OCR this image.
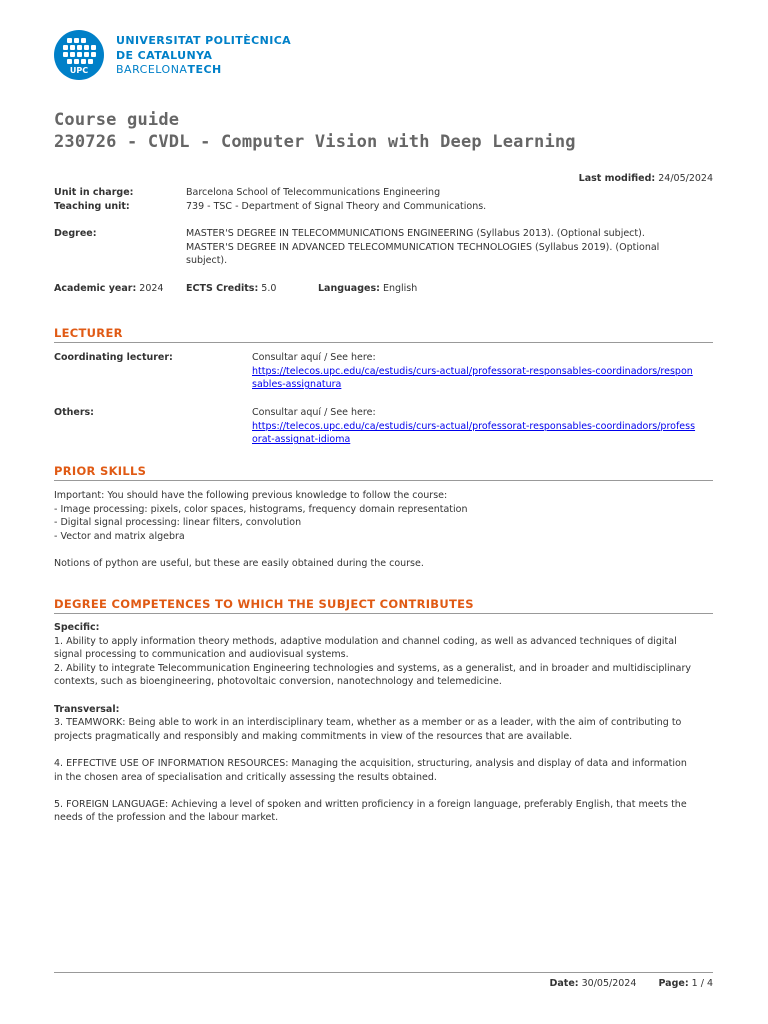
UPC
UNIVERSITAT POLITÈCNICA
DE CATALUNYA
BARCELONATECH
Course guide
230726 - CVDL - Computer Vision with Deep Learning
Last modified: 24/05/2024
Unit in charge:	Barcelona School of Telecommunications Engineering
Teaching unit:	739 - TSC - Department of Signal Theory and Communications.
Degree:	MASTER'S DEGREE IN TELECOMMUNICATIONS ENGINEERING (Syllabus 2013). (Optional subject).
MASTER'S DEGREE IN ADVANCED TELECOMMUNICATION TECHNOLOGIES (Syllabus 2019). (Optional
subject).
Academic year: 2024 ECTS Credits: 5.0	Languages: English
LECTURER
Coordinating lecturer:	Consultar aquí / See here:
https://telecos.upc.edu/ca/estudis/curs-actual/professorat-responsables-coordinadors/respon
sables-assignatura
Others:	Consultar aquí / See here:
https://telecos.upc.edu/ca/estudis/curs-actual/professorat-responsables-coordinadors/profess
orat-assignat-idioma
PRIOR SKILLS
Important: You should have the following previous knowledge to follow the course:
- Image processing: pixels, color spaces, histograms, frequency domain representation
- Digital signal processing: linear filters, convolution
- Vector and matrix algebra
Notions of python are useful, but these are easily obtained during the course.
DEGREE COMPETENCES TO WHICH THE SUBJECT CONTRIBUTES
Specific:
1. Ability to apply information theory methods, adaptive modulation and channel coding, as well as advanced techniques of digital
signal processing to communication and audiovisual systems.
2. Ability to integrate Telecommunication Engineering technologies and systems, as a generalist, and in broader and multidisciplinary
contexts, such as bioengineering, photovoltaic conversion, nanotechnology and telemedicine.
Transversal:
3. TEAMWORK: Being able to work in an interdisciplinary team, whether as a member or as a leader, with the aim of contributing to
projects pragmatically and responsibly and making commitments in view of the resources that are available.
4. EFFECTIVE USE OF INFORMATION RESOURCES: Managing the acquisition, structuring, analysis and display of data and information
in the chosen area of specialisation and critically assessing the results obtained.
5. FOREIGN LANGUAGE: Achieving a level of spoken and written proficiency in a foreign language, preferably English, that meets the
needs of the profession and the labour market.
Date: 30/05/2024 Page: 1 / 4
